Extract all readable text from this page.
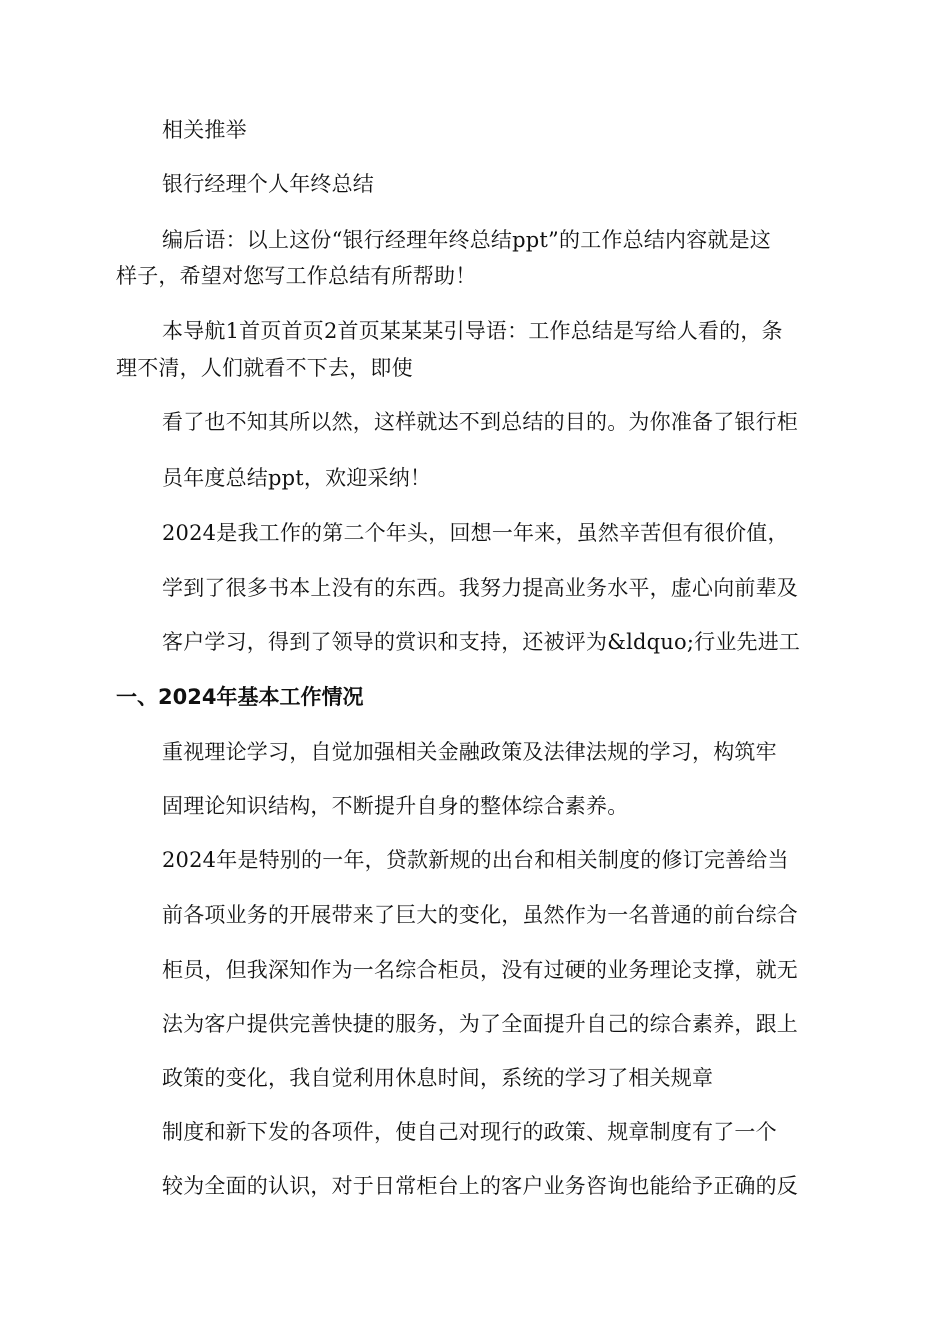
相关推举
银行经理个人年终总结
编后语：以上这份“银行经理年终总结ppt”的工作总结内容就是这
样子，希望对您写工作总结有所帮助！
本导航1首页首页2首页某某某引导语：工作总结是写给人看的，条
理不清，人们就看不下去，即使
看了也不知其所以然，这样就达不到总结的目的。为你准备了银行柜
员年度总结ppt，欢迎采纳！
2024是我工作的第二个年头，回想一年来，虽然辛苦但有很价值，
学到了很多书本上没有的东西。我努力提高业务水平，虚心向前辈及
客户学习，得到了领导的赏识和支持，还被评为&ldquo;行业先进工
一、2024年基本工作情况
重视理论学习，自觉加强相关金融政策及法律法规的学习，构筑牢
固理论知识结构，不断提升自身的整体综合素养。
2024年是特别的一年，贷款新规的出台和相关制度的修订完善给当
前各项业务的开展带来了巨大的变化，虽然作为一名普通的前台综合
柜员，但我深知作为一名综合柜员，没有过硬的业务理论支撑，就无
法为客户提供完善快捷的服务，为了全面提升自己的综合素养，跟上
政策的变化，我自觉利用休息时间，系统的学习了相关规章
制度和新下发的各项件，使自己对现行的政策、规章制度有了一个
较为全面的认识，对于日常柜台上的客户业务咨询也能给予正确的反
